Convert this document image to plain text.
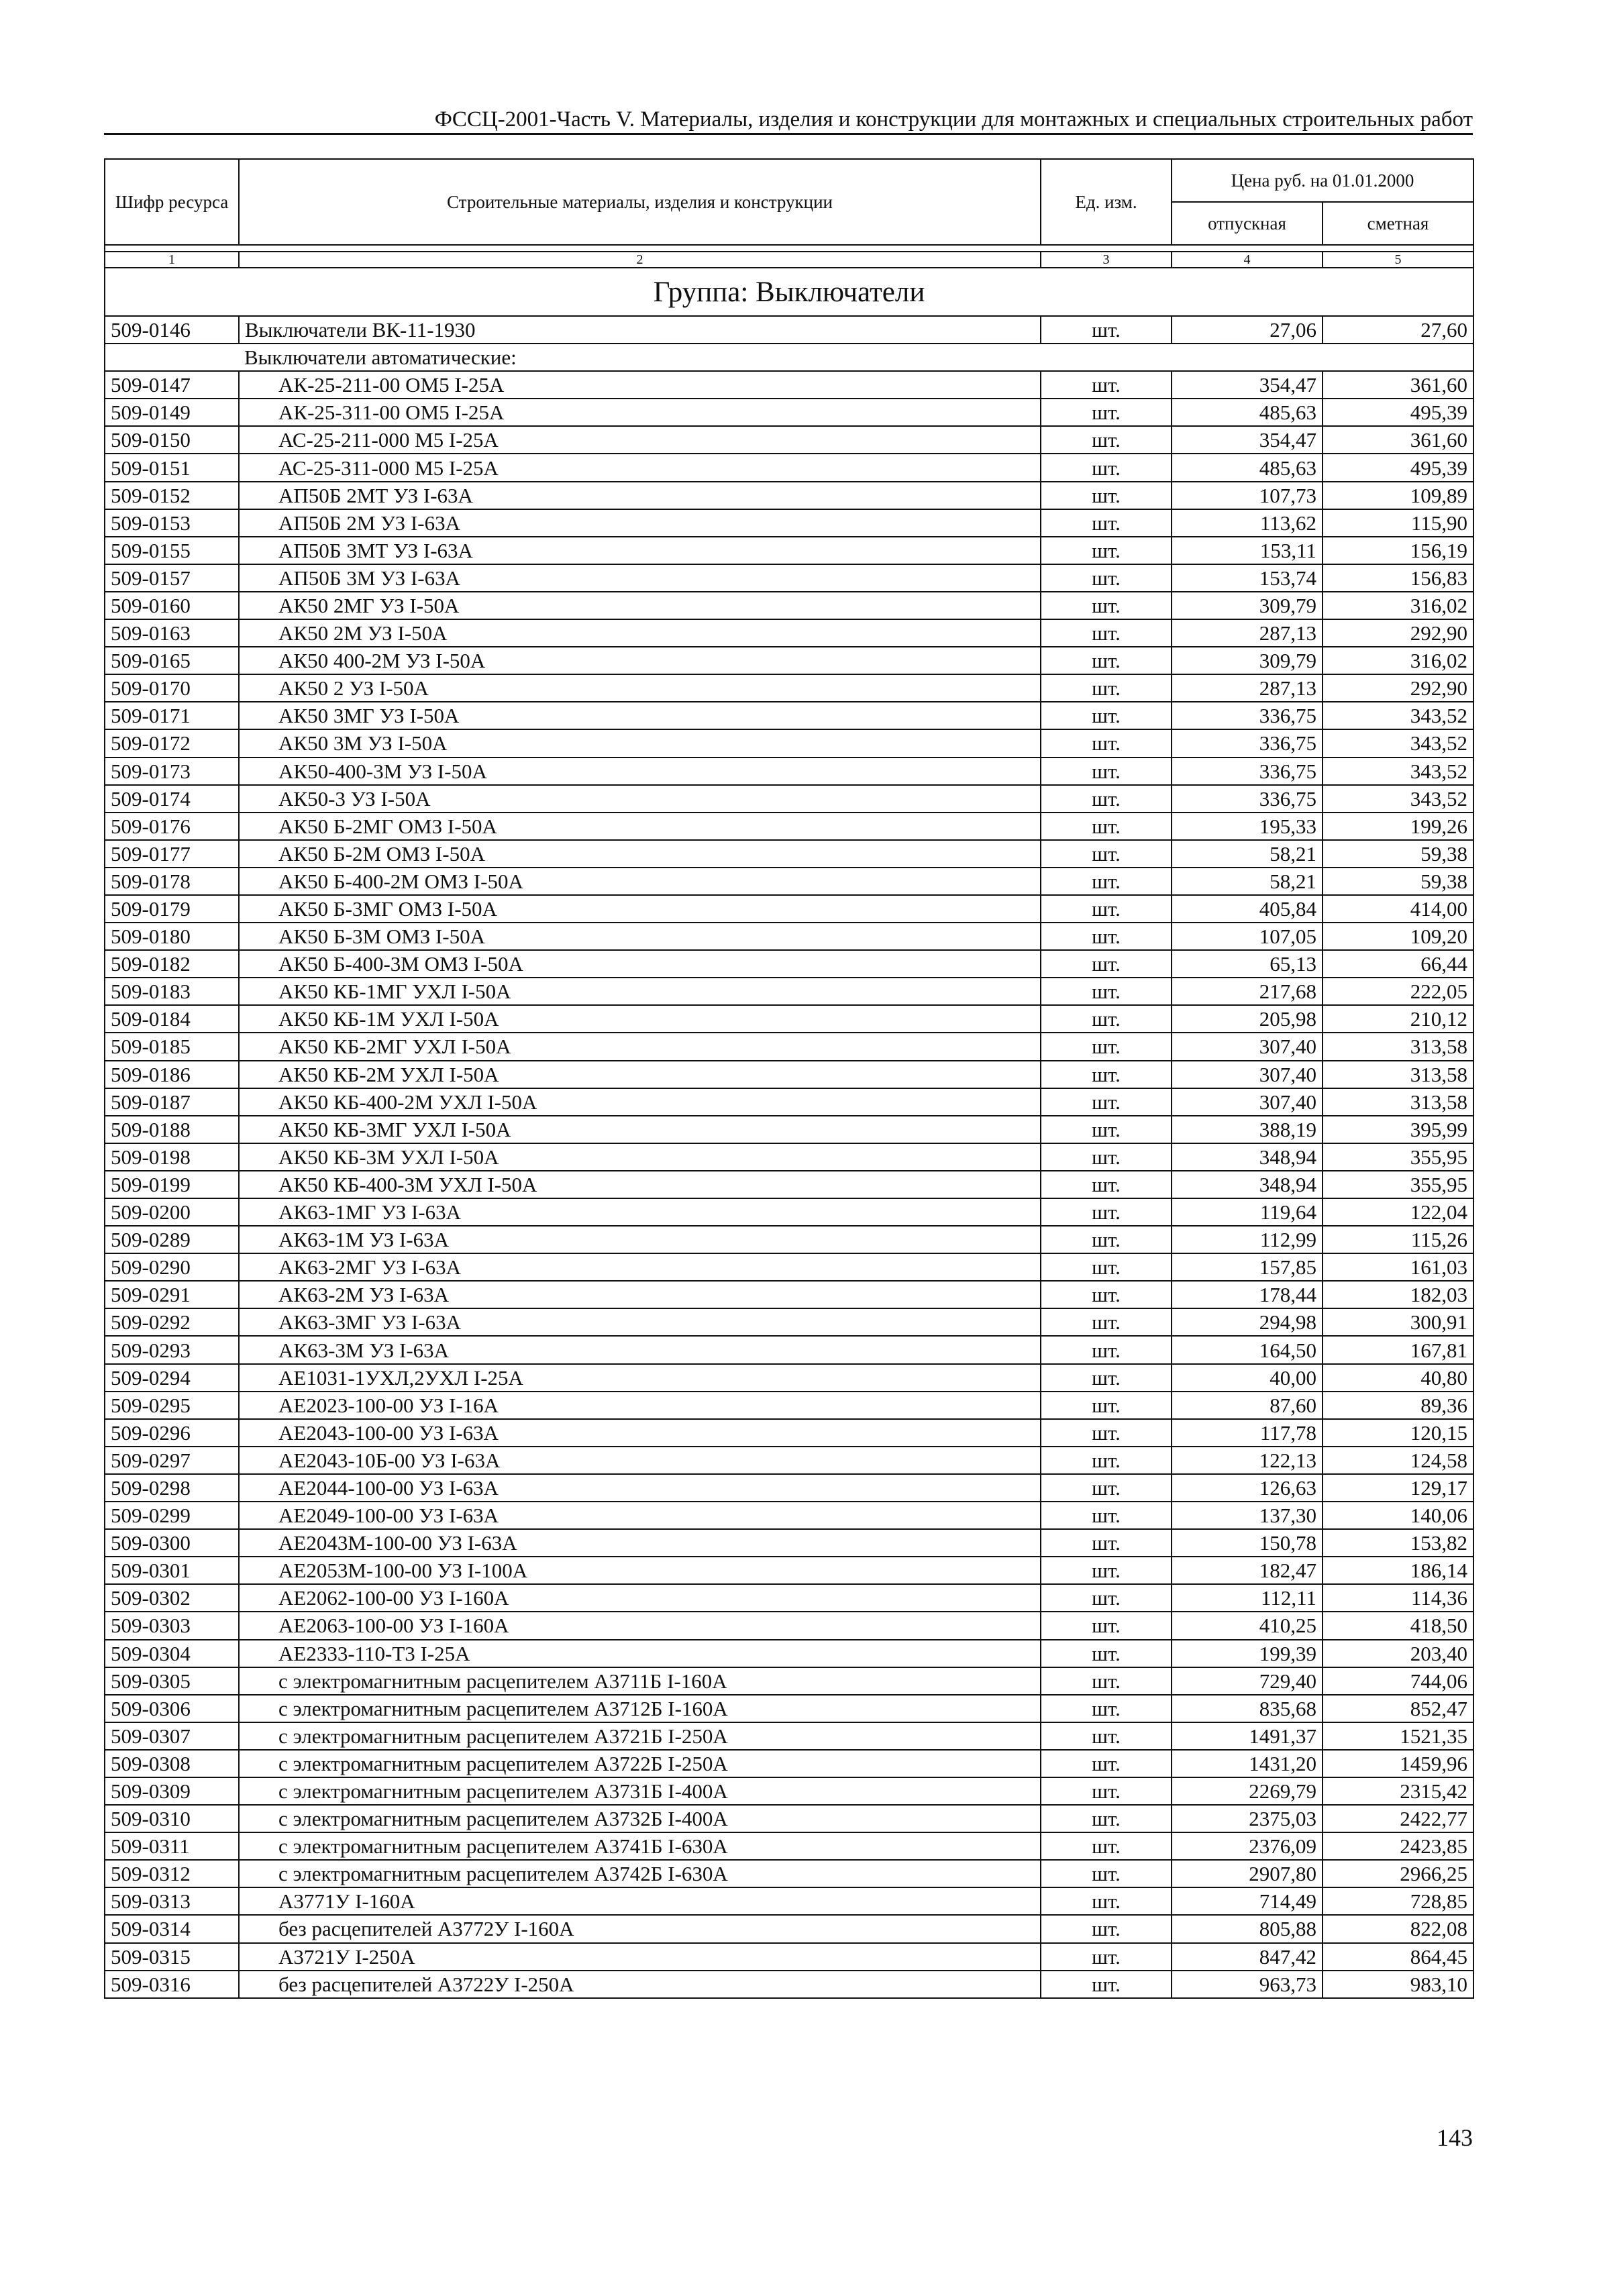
ФССЦ-2001-Часть V. Материалы, изделия и конструкции для монтажных и специальных строительных работ
Шифр ресурса	Строительные материалы, изделия и конструкции	Ед. изм.	Цена руб. на 01.01.2000	
			отпускная	сметная

1	2	3	4	5
Группа: Выключатели				
509-0146	Выключатели ВК-11-1930	шт.	27,06	27,60
	Выключатели автоматические:			
509-0147	АК-25-211-00 ОМ5 I-25А	шт.	354,47	361,60
509-0149	АК-25-311-00 ОМ5 I-25А	шт.	485,63	495,39
509-0150	АС-25-211-000 М5 I-25А	шт.	354,47	361,60
509-0151	АС-25-311-000 М5 I-25А	шт.	485,63	495,39
509-0152	АП50Б 2МТ УЗ I-63А	шт.	107,73	109,89
509-0153	АП50Б 2М УЗ I-63А	шт.	113,62	115,90
509-0155	АП50Б 3МТ УЗ I-63А	шт.	153,11	156,19
509-0157	АП50Б 3М УЗ I-63А	шт.	153,74	156,83
509-0160	АК50 2МГ УЗ I-50А	шт.	309,79	316,02
509-0163	АК50 2М УЗ I-50А	шт.	287,13	292,90
509-0165	АК50 400-2М УЗ I-50А	шт.	309,79	316,02
509-0170	АК50 2 УЗ I-50А	шт.	287,13	292,90
509-0171	АК50 3МГ УЗ I-50А	шт.	336,75	343,52
509-0172	АК50 3М УЗ I-50А	шт.	336,75	343,52
509-0173	АК50-400-3М УЗ I-50А	шт.	336,75	343,52
509-0174	АК50-3 УЗ I-50А	шт.	336,75	343,52
509-0176	АК50 Б-2МГ ОМЗ I-50А	шт.	195,33	199,26
509-0177	АК50 Б-2М ОМЗ I-50А	шт.	58,21	59,38
509-0178	АК50 Б-400-2М ОМЗ I-50А	шт.	58,21	59,38
509-0179	АК50 Б-3МГ ОМЗ I-50А	шт.	405,84	414,00
509-0180	АК50 Б-3М ОМЗ I-50А	шт.	107,05	109,20
509-0182	АК50 Б-400-3М ОМЗ I-50А	шт.	65,13	66,44
509-0183	АК50 КБ-1МГ УХЛ I-50А	шт.	217,68	222,05
509-0184	АК50 КБ-1М УХЛ I-50А	шт.	205,98	210,12
509-0185	АК50 КБ-2МГ УХЛ I-50А	шт.	307,40	313,58
509-0186	АК50 КБ-2М УХЛ I-50А	шт.	307,40	313,58
509-0187	АК50 КБ-400-2М УХЛ I-50А	шт.	307,40	313,58
509-0188	АК50 КБ-3МГ УХЛ I-50А	шт.	388,19	395,99
509-0198	АК50 КБ-3М УХЛ I-50А	шт.	348,94	355,95
509-0199	АК50 КБ-400-3М УХЛ I-50А	шт.	348,94	355,95
509-0200	АК63-1МГ УЗ I-63А	шт.	119,64	122,04
509-0289	АК63-1М УЗ I-63А	шт.	112,99	115,26
509-0290	АК63-2МГ УЗ I-63А	шт.	157,85	161,03
509-0291	АК63-2М УЗ I-63А	шт.	178,44	182,03
509-0292	АК63-3МГ УЗ I-63А	шт.	294,98	300,91
509-0293	АК63-3М УЗ I-63А	шт.	164,50	167,81
509-0294	АЕ1031-1УХЛ,2УХЛ I-25А	шт.	40,00	40,80
509-0295	АЕ2023-100-00 УЗ I-16А	шт.	87,60	89,36
509-0296	АЕ2043-100-00 УЗ I-63А	шт.	117,78	120,15
509-0297	АЕ2043-10Б-00 УЗ I-63А	шт.	122,13	124,58
509-0298	АЕ2044-100-00 УЗ I-63А	шт.	126,63	129,17
509-0299	АЕ2049-100-00 УЗ I-63А	шт.	137,30	140,06
509-0300	АЕ2043М-100-00 УЗ I-63А	шт.	150,78	153,82
509-0301	АЕ2053М-100-00 УЗ I-100А	шт.	182,47	186,14
509-0302	АЕ2062-100-00 УЗ I-160А	шт.	112,11	114,36
509-0303	АЕ2063-100-00 УЗ I-160А	шт.	410,25	418,50
509-0304	АЕ2333-110-Т3 I-25А	шт.	199,39	203,40
509-0305	с электромагнитным расцепителем А3711Б I-160А	шт.	729,40	744,06
509-0306	с электромагнитным расцепителем А3712Б I-160А	шт.	835,68	852,47
509-0307	с электромагнитным расцепителем А3721Б I-250А	шт.	1491,37	1521,35
509-0308	с электромагнитным расцепителем А3722Б I-250А	шт.	1431,20	1459,96
509-0309	с электромагнитным расцепителем А3731Б I-400А	шт.	2269,79	2315,42
509-0310	с электромагнитным расцепителем А3732Б I-400А	шт.	2375,03	2422,77
509-0311	с электромагнитным расцепителем А3741Б I-630А	шт.	2376,09	2423,85
509-0312	с электромагнитным расцепителем А3742Б I-630А	шт.	2907,80	2966,25
509-0313	А3771У I-160А	шт.	714,49	728,85
509-0314	без расцепителей А3772У I-160А	шт.	805,88	822,08
509-0315	А3721У I-250А	шт.	847,42	864,45
509-0316	без расцепителей А3722У I-250А	шт.	963,73	983,10
143
